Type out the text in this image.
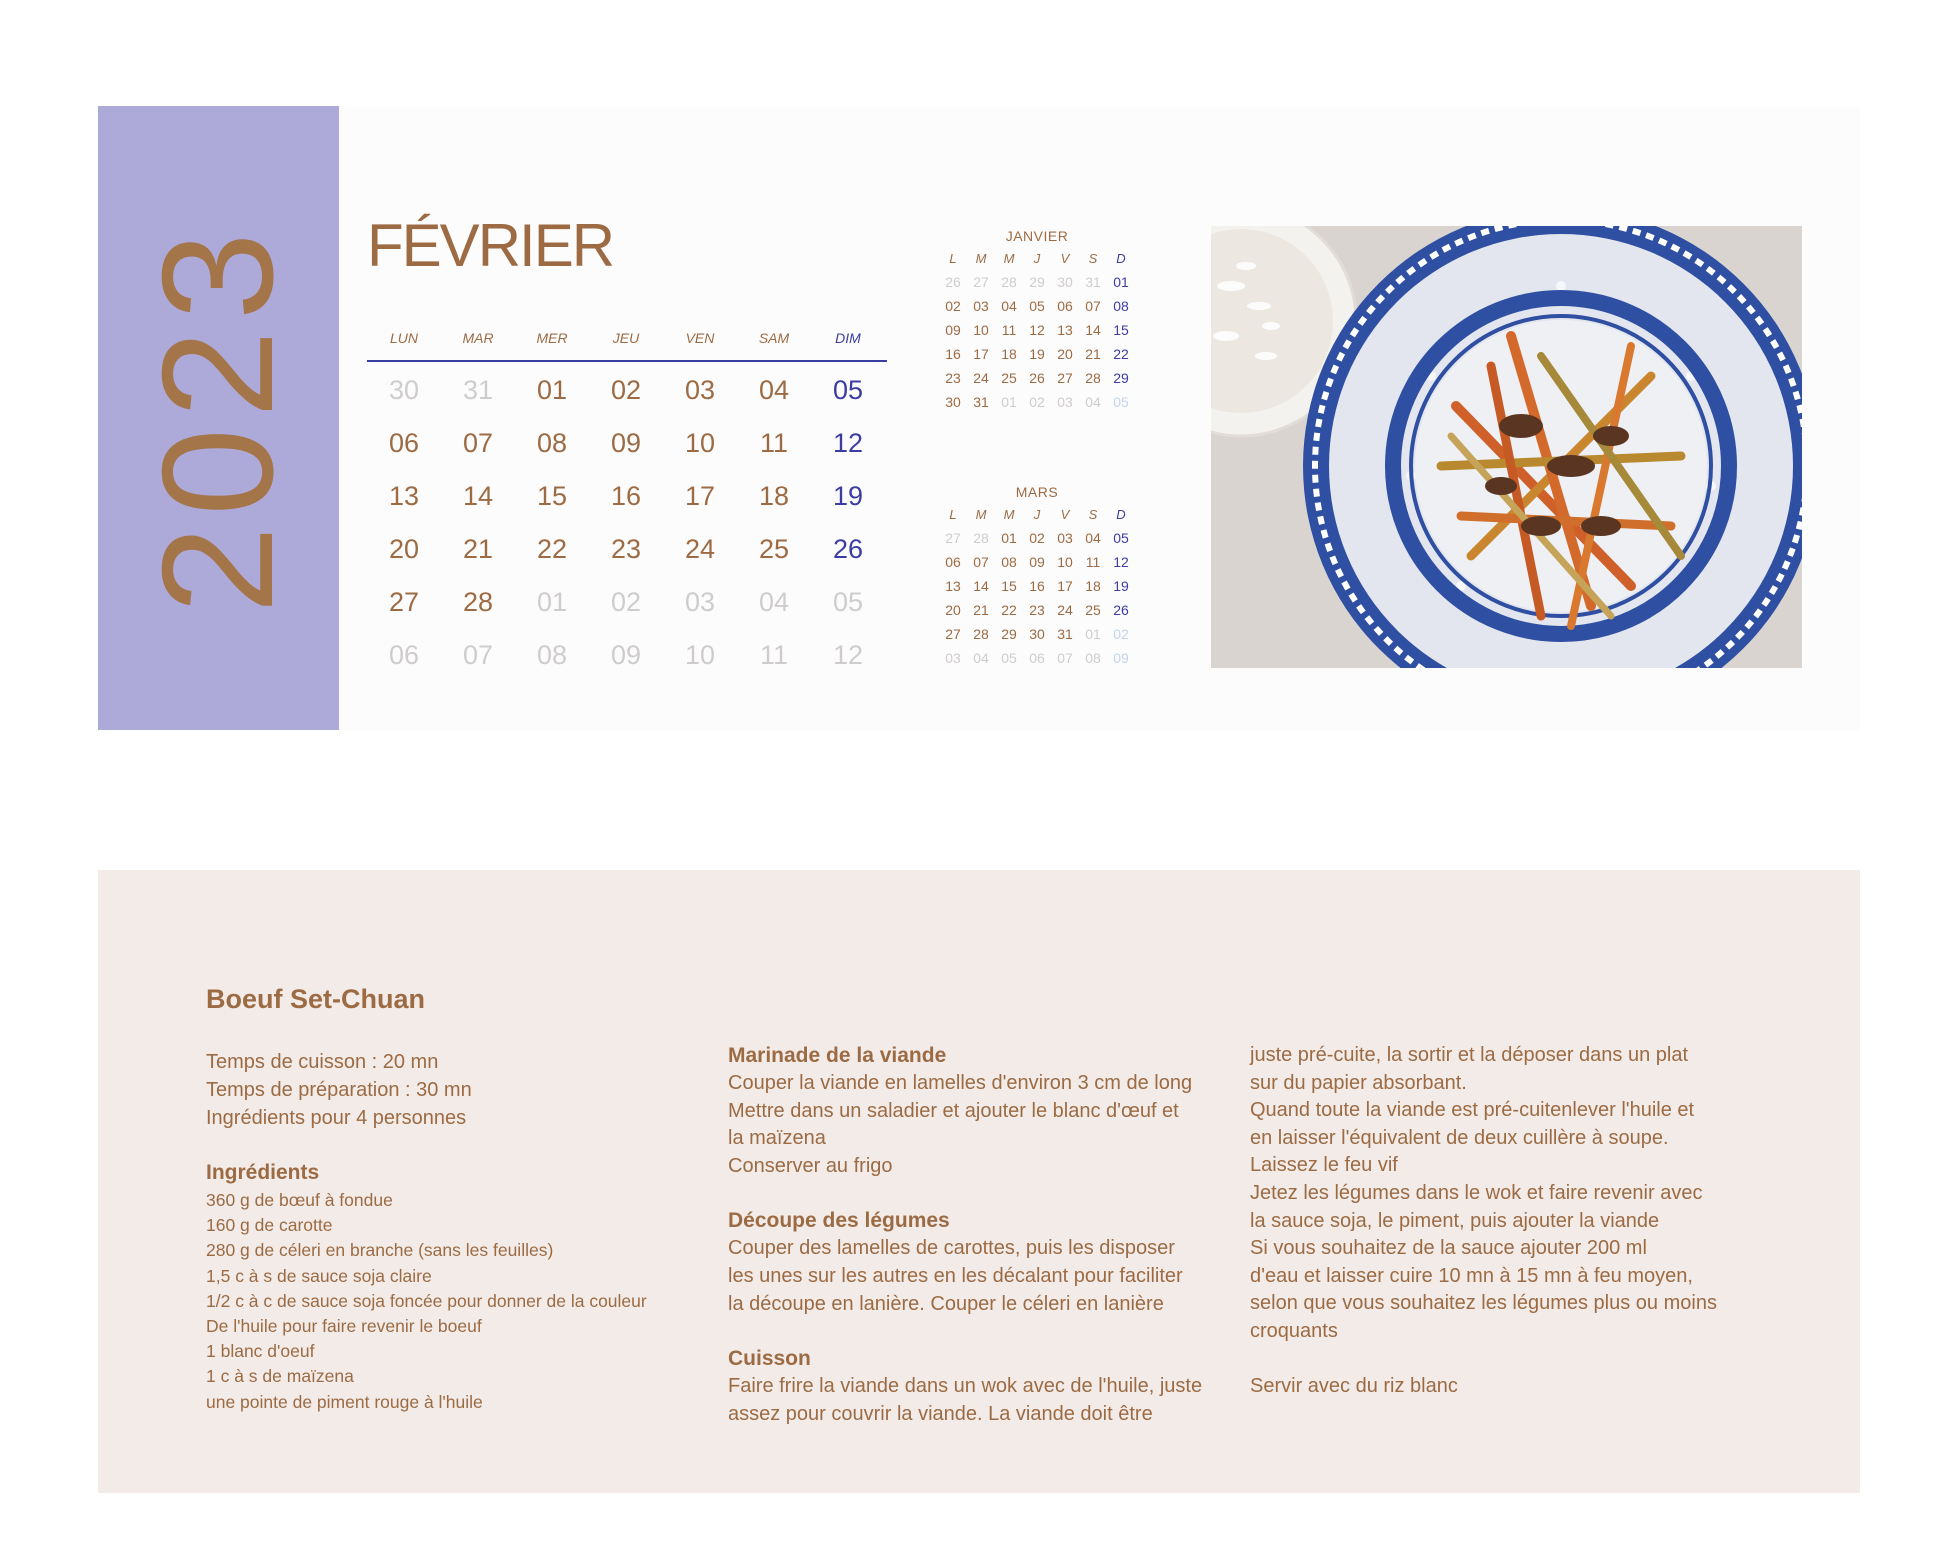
2023 FÉVRIER
LUN	MAR	MER	JEU	VEN	SAM	DIM
30	31	01	02	03	04	05
06	07	08	09	10	11	12
13	14	15	16	17	18	19
20	21	22	23	24	25	26
27	28	01	02	03	04	05
06	07	08	09	10	11	12
JANVIER
L	M	M	J	V	S	D
26 27 28 29 30 31 01
02 03 04 05 06 07 08
09 10 11 12 13 14 15
16 17 18 19 20 21 22
23 24 25 26 27 28 29
30 31 01 02 03 04 05
MARS
L	M	M	J	V	S	D
27 28 01 02 03 04 05
06 07 08 09 10 11 12
13 14 15 16 17 18 19
20 21 22 23 24 25 26
27 28 29 30 31 01 02
03 04 05 06 07 08 09
Boeuf Set-Chuan
Temps de cuisson : 20 mn
Temps de préparation : 30 mn
Ingrédients pour 4 personnes
Ingrédients
360 g de bœuf à fondue
160 g de carotte
280 g de céleri en branche (sans les feuilles)
1,5 c à s de sauce soja claire
1/2 c à c de sauce soja foncée pour donner de la couleur
De l'huile pour faire revenir le boeuf
1 blanc d'oeuf
1 c à s de maïzena
une pointe de piment rouge à l'huile
Marinade de la viande
Couper la viande en lamelles d'environ 3 cm de long
Mettre dans un saladier et ajouter le blanc d'œuf et
la maïzena
Conserver au frigo
Découpe des légumes
Couper des lamelles de carottes, puis les disposer
les unes sur les autres en les décalant pour faciliter
la découpe en lanière. Couper le céleri en lanière
Cuisson
Faire frire la viande dans un wok avec de l'huile, juste
assez pour couvrir la viande. La viande doit être
juste pré-cuite, la sortir et la déposer dans un plat
sur du papier absorbant.
Quand toute la viande est pré-cuitenlever l'huile et
en laisser l'équivalent de deux cuillère à soupe.
Laissez le feu vif
Jetez les légumes dans le wok et faire revenir avec
la sauce soja, le piment, puis ajouter la viande
Si vous souhaitez de la sauce ajouter 200 ml
d'eau et laisser cuire 10 mn à 15 mn à feu moyen,
selon que vous souhaitez les légumes plus ou moins
croquants
Servir avec du riz blanc
